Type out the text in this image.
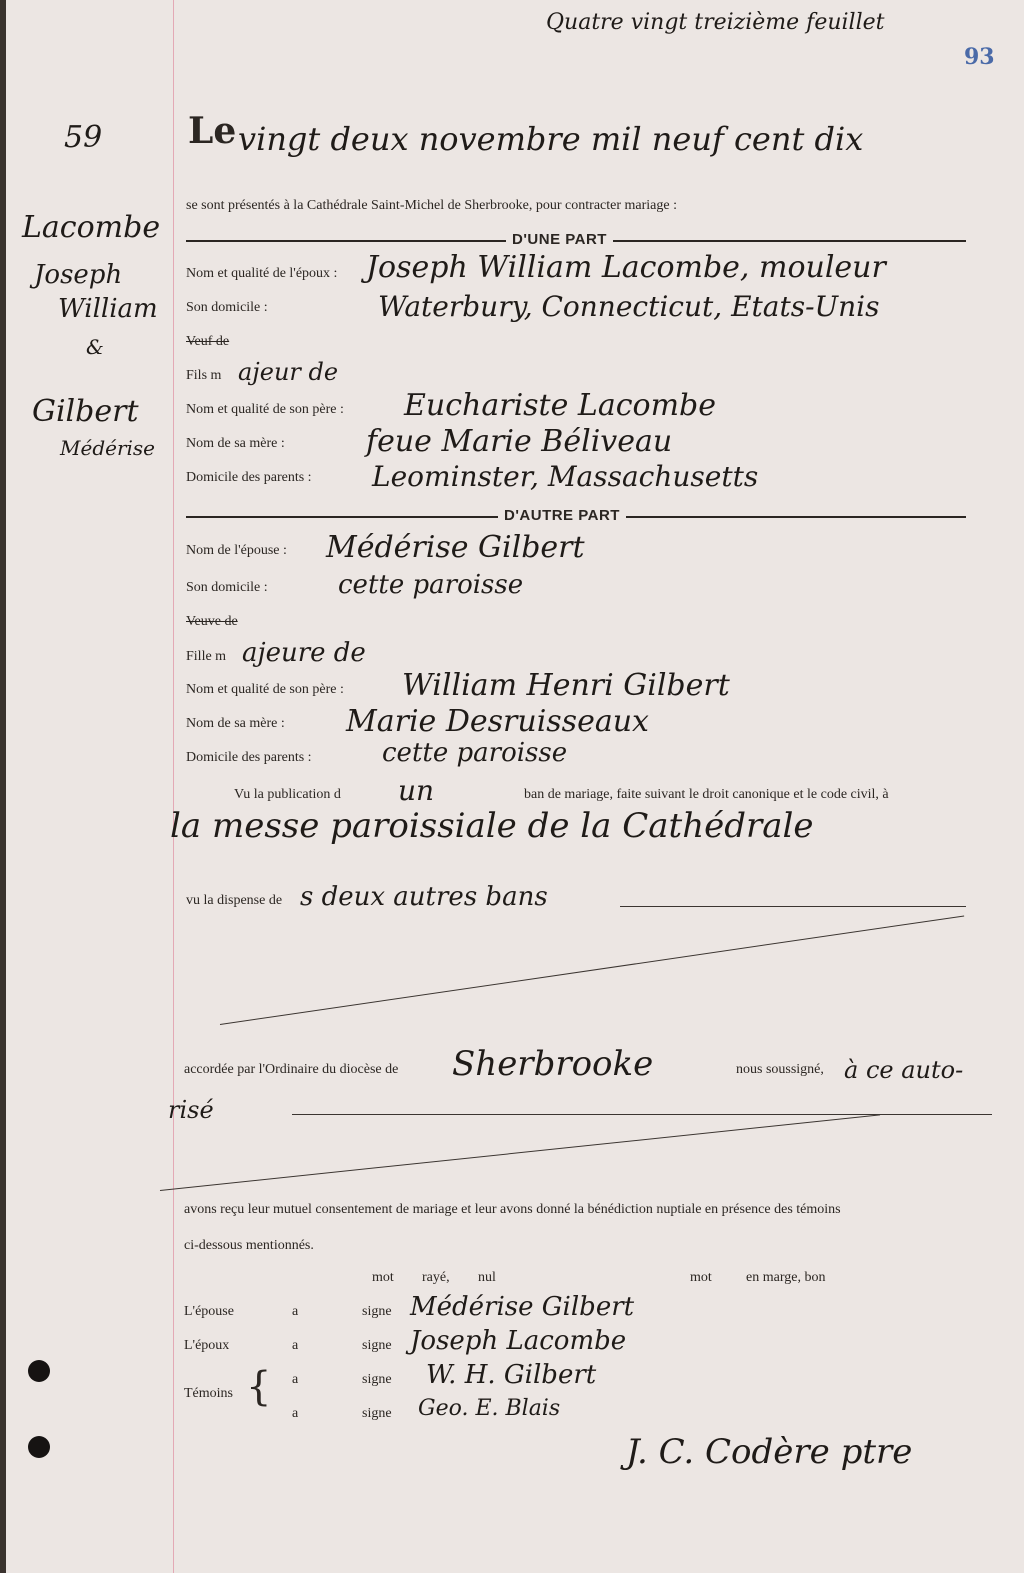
Quatre vingt treizième feuillet
93
59
Lacombe
Joseph
William
&
Gilbert
Médérise
Le vingt deux novembre mil neuf cent dix
se sont présentés à la Cathédrale Saint-Michel de Sherbrooke, pour contracter mariage :
D'UNE PART
Nom et qualité de l'époux : Joseph William Lacombe, mouleur
Son domicile :	Waterbury, Connecticut, Etats-Unis
Veuf de
Fils m ajeur de
Nom et qualité de son père : Eucharistе Lacombe
Nom de sa mère :	feue Marie Béliveau
Domicile des parents : Leominster, Massachusetts
D'AUTRE PART
Nom de l'épouse : Médérise Gilbert
Son domicile :	cette paroisse
Veuve de
Fille m ajeure de
Nom et qualité de son père : William Henri Gilbert
Nom de sa mère : Marie Desruisseaux
Domicile des parents :	cette paroisse
Vu la publication d un	ban de mariage, faite suivant le droit canonique et le code civil, à
la messe paroissiale de la Cathédrale
vu la dispense de s deux autres bans
accordée par l'Ordinaire du diocèse de Sherbrooke	nous soussigné, à ce auto-
risé
avons reçu leur mutuel consentement de mariage et leur avons donné la bénédiction nuptiale en présence des témoins
ci-dessous mentionnés.
mot rayé, nul	mot en marge, bon
L'épouse	a	signe Médérise Gilbert
L'époux	a	signe Joseph Lacombe
Témoins { a	signe W. H. Gilbert
a	signe Geo. E. Blais
J. C. Codère ptre
